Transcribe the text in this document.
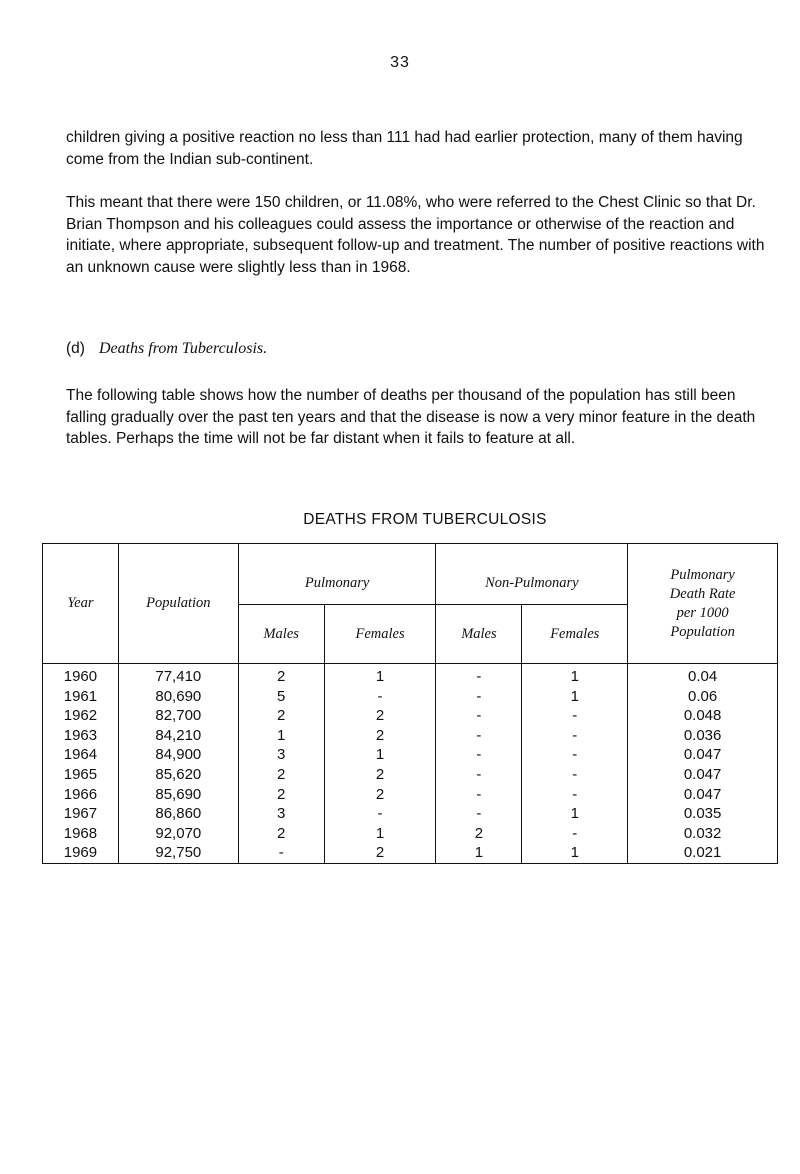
33

children giving a positive reaction no less than 111 had had earlier protection, many of them having come from the Indian sub-continent.

This meant that there were 150 children, or 11.08%, who were referred to the Chest Clinic so that Dr. Brian Thompson and his colleagues could assess the importance or otherwise of the reaction and initiate, where appropriate, subsequent follow-up and treatment. The number of positive reactions with an unknown cause were slightly less than in 1968.

(d) Deaths from Tuberculosis.

The following table shows how the number of deaths per thousand of the population has still been falling gradually over the past ten years and that the disease is now a very minor feature in the death tables. Perhaps the time will not be far distant when it fails to feature at all.

DEATHS FROM TUBERCULOSIS
Year	Population	Pulmonary		Non-Pulmonary		Pulmonary
Death Rate
per 1000
Population
		Males	Females	Males	Females	
1960	77,410	2	1	-	1	0.04
1961	80,690	5	-	-	1	0.06
1962	82,700	2	2	-	-	0.048
1963	84,210	1	2	-	-	0.036
1964	84,900	3	1	-	-	0.047
1965	85,620	2	2	-	-	0.047
1966	85,690	2	2	-	-	0.047
1967	86,860	3	-	-	1	0.035
1968	92,070	2	1	2	-	0.032
1969	92,750	-	2	1	1	0.021
